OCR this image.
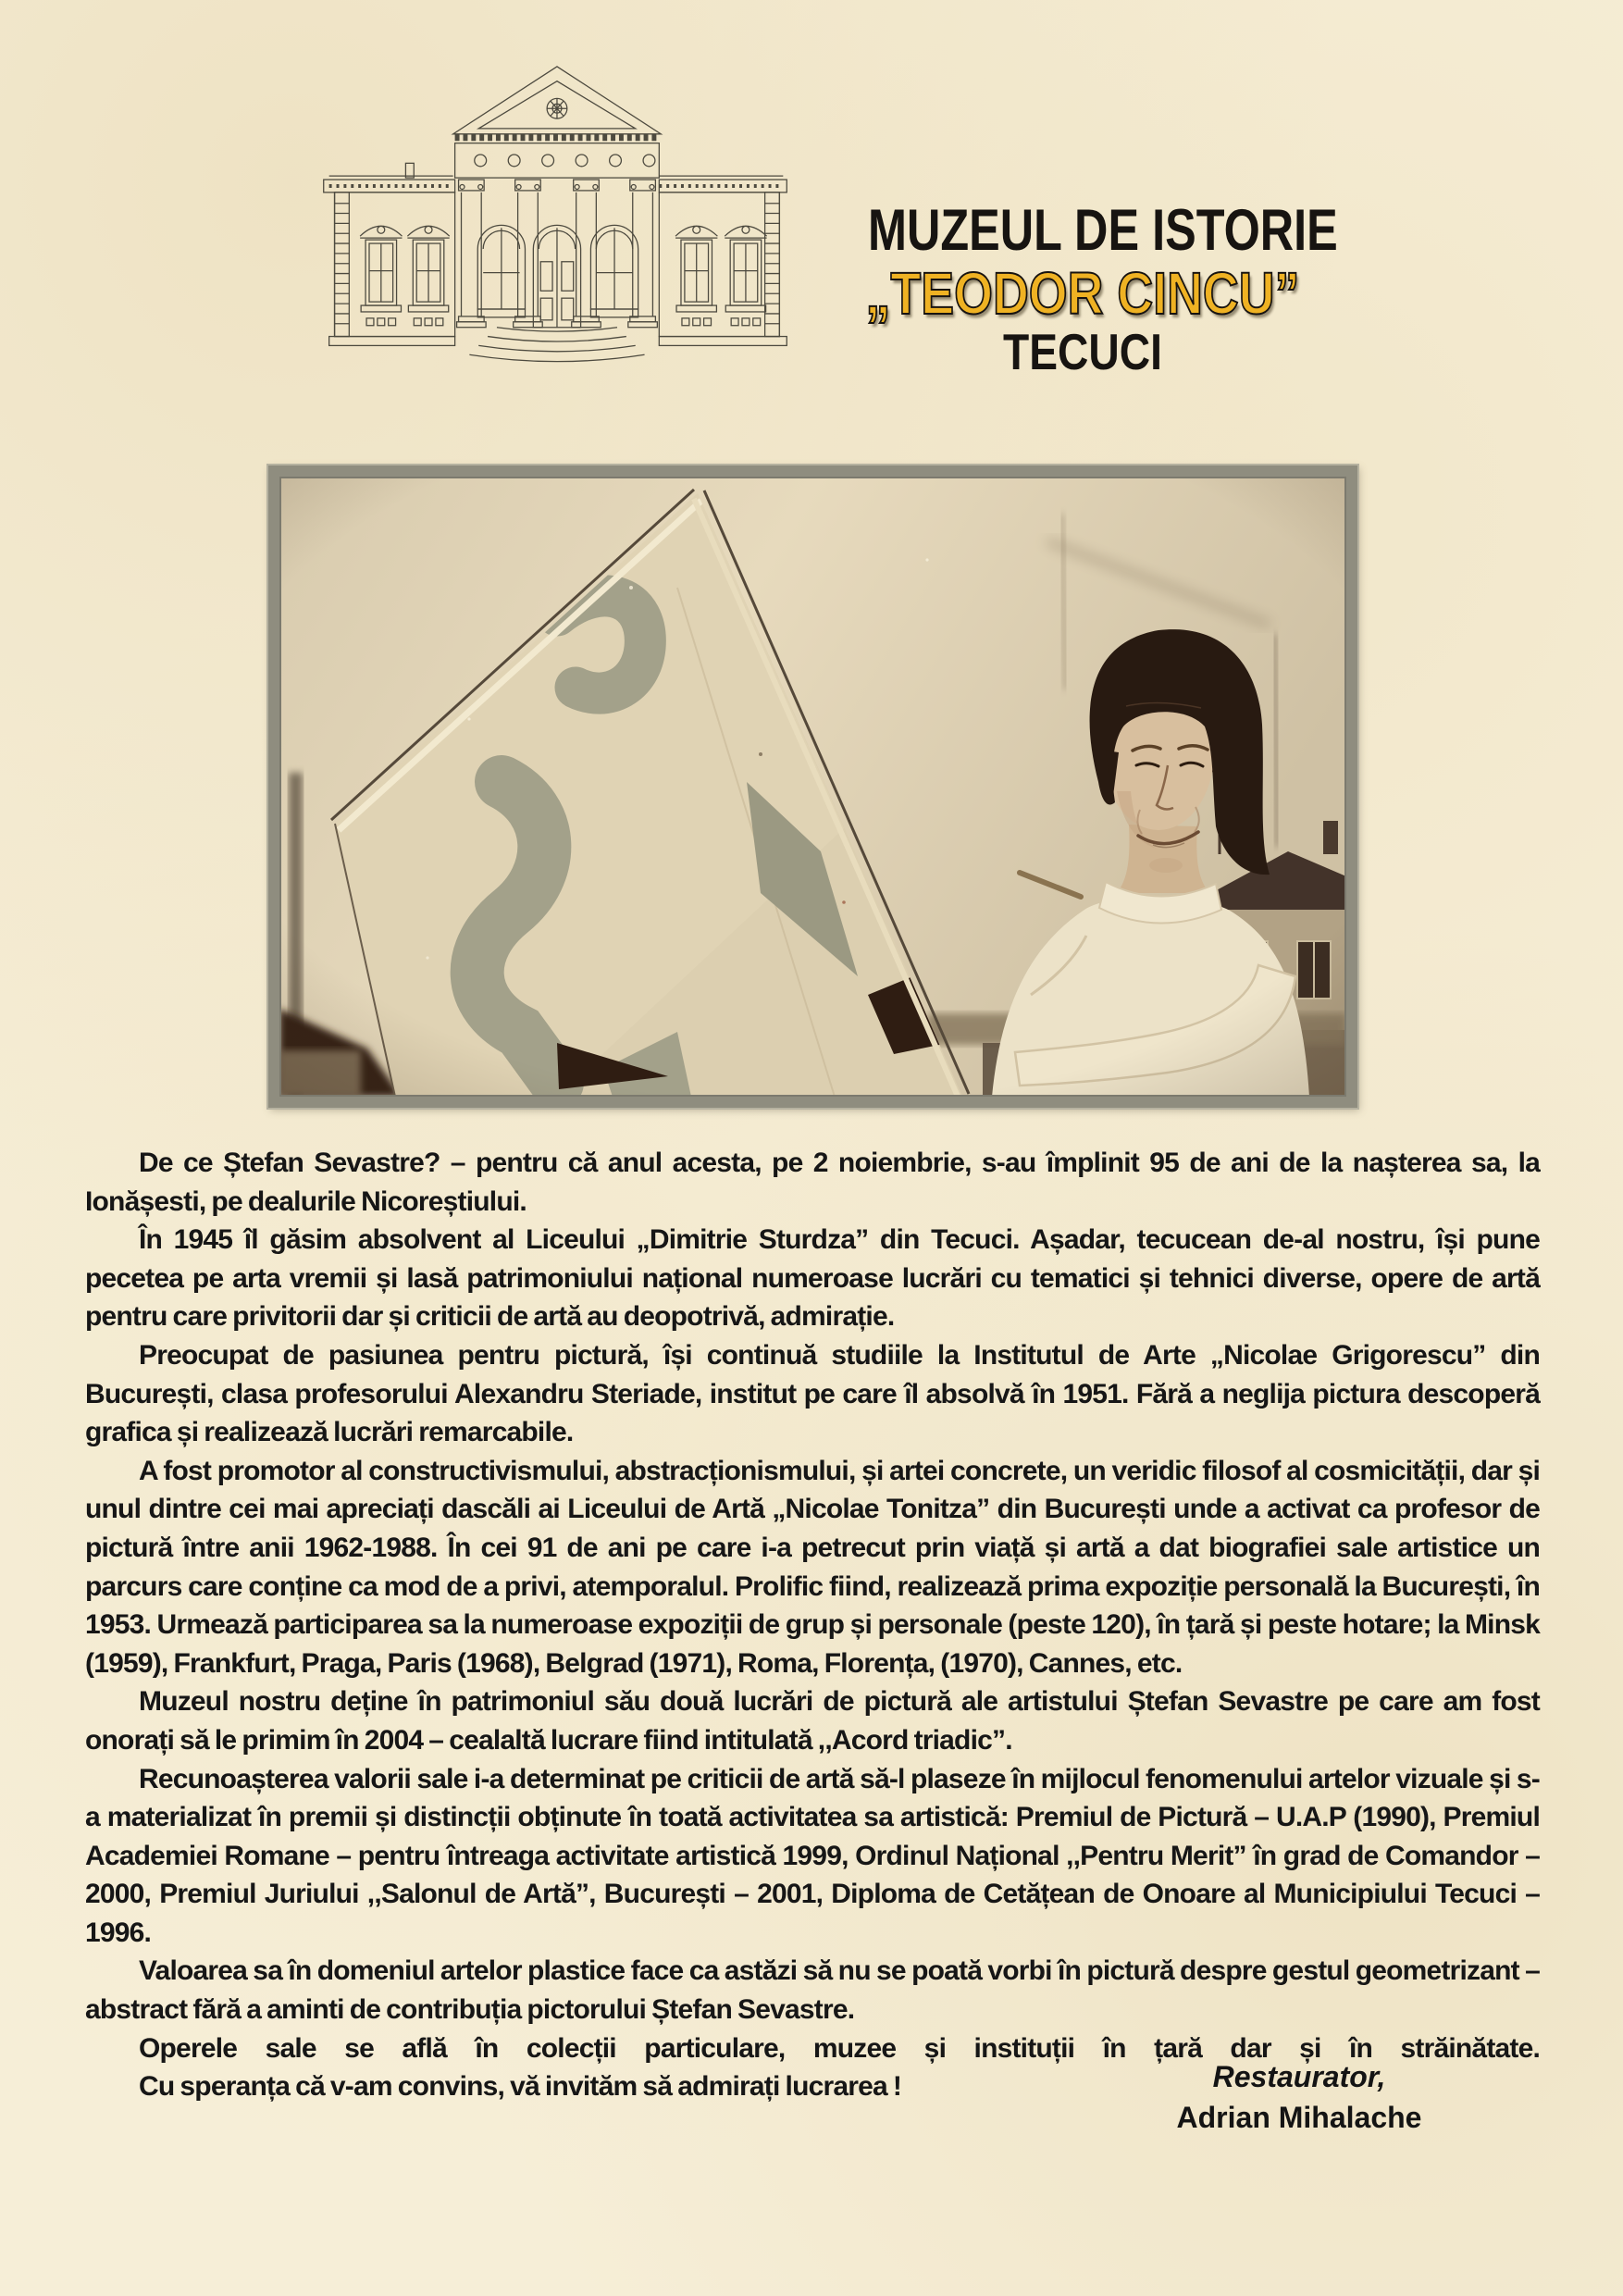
MUZEUL DE ISTORIE
„TEODOR CINCU”
TECUCI

De ce Ștefan Sevastre? – pentru că anul acesta, pe 2 noiembrie, s-au împlinit 95 de ani de la nașterea sa, la Ionășesti, pe dealurile Nicoreștiului.

În 1945 îl găsim absolvent al Liceului „Dimitrie Sturdza” din Tecuci. Așadar, tecucean de-al nostru, își pune pecetea pe arta vremii și lasă patrimoniului național numeroase lucrări cu tematici și tehnici diverse, opere de artă pentru care privitorii dar și criticii de artă au deopotrivă, admirație.

Preocupat de pasiunea pentru pictură, își continuă studiile la Institutul de Arte „Nicolae Grigorescu” din București, clasa profesorului Alexandru Steriade, institut pe care îl absolvă în 1951. Fără a neglija pictura descoperă grafica și realizează lucrări remarcabile.

A fost promotor al constructivismului, abstracționismului, și artei concrete, un veridic filosof al cosmicității, dar și unul dintre cei mai apreciați dascăli ai Liceului de Artă „Nicolae Tonitza” din București unde a activat ca profesor de pictură între anii 1962-1988. În cei 91 de ani pe care i-a petrecut prin viață și artă a dat biografiei sale artistice un parcurs care conține ca mod de a privi, atemporalul. Prolific fiind, realizează prima expoziție personală la București, în 1953. Urmează participarea sa la numeroase expoziții de grup și personale (peste 120), în țară și peste hotare; la Minsk (1959), Frankfurt, Praga, Paris (1968), Belgrad (1971), Roma, Florența, (1970), Cannes, etc.

Muzeul nostru deține în patrimoniul său două lucrări de pictură ale artistului Ștefan Sevastre pe care am fost onorați să le primim în 2004 – cealaltă lucrare fiind intitulată ,,Acord triadic”.

Recunoașterea valorii sale i-a determinat pe criticii de artă să-l plaseze în mijlocul fenomenului artelor vizuale și s-a materializat în premii și distincții obținute în toată activitatea sa artistică: Premiul de Pictură – U.A.P (1990), Premiul Academiei Romane – pentru întreaga activitate artistică 1999, Ordinul Național ,,Pentru Merit” în grad de Comandor – 2000, Premiul Juriului ,,Salonul de Artă”, București – 2001, Diploma de Cetățean de Onoare al Municipiului Tecuci – 1996.

Valoarea sa în domeniul artelor plastice face ca astăzi să nu se poată vorbi în pictură despre gestul geometrizant – abstract fără a aminti de contribuția pictorului Ștefan Sevastre.

Operele sale se află în colecții particulare, muzee și instituții în țară dar și în străinătate.

Cu speranța că v-am convins, vă invităm să admirați lucrarea !	Restaurator,
Adrian Mihalache
